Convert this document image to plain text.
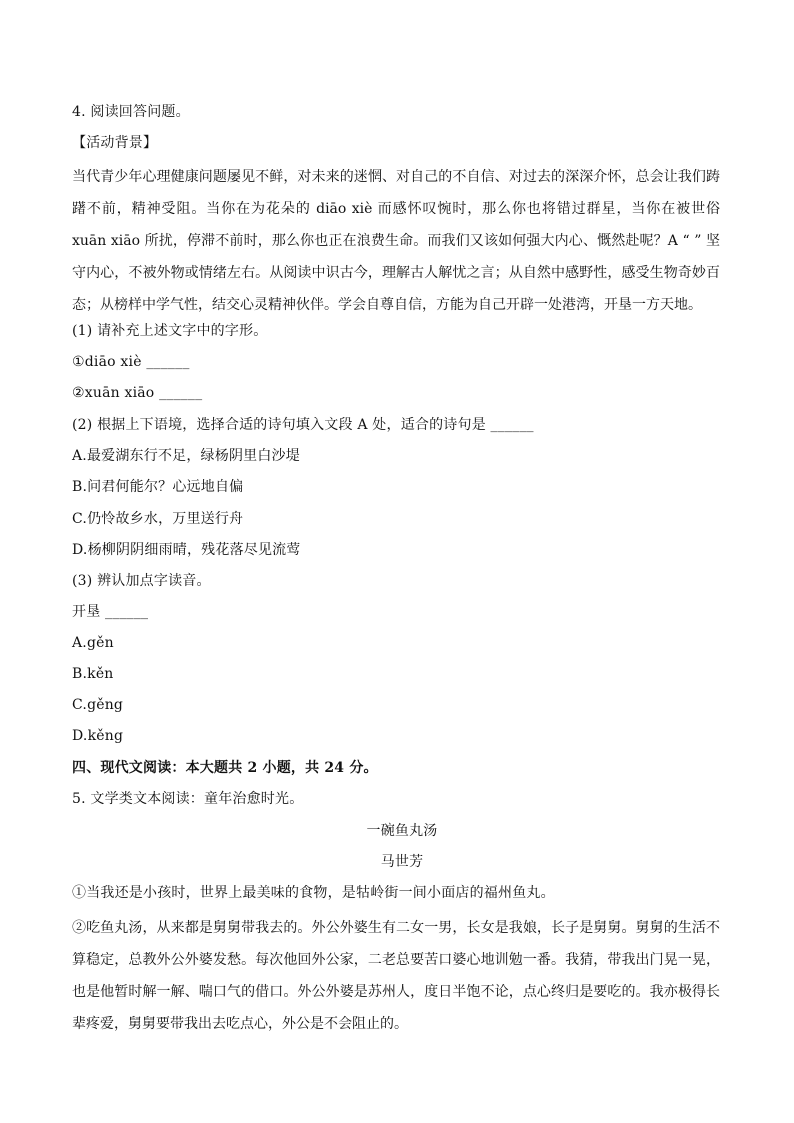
4. 阅读回答问题。
【活动背景】
当代青少年心理健康问题屡见不鲜，对未来的迷惘、对自己的不自信、对过去的深深介怀，总会让我们踌躇不前，精神受阻。当你在为花朵的 diāo xiè 而感怀叹惋时，那么你也将错过群星，当你在被世俗 xuān xiāo 所扰，停滞不前时，那么你也正在浪费生命。而我们又该如何强大内心、慨然赴呢？A “ ” 坚守内心，不被外物或情绪左右。从阅读中识古今，理解古人解忧之言；从自然中感野性，感受生物奇妙百态；从榜样中学气性，结交心灵精神伙伴。学会自尊自信，方能为自己开辟一处港湾，开垦一方天地。
(1) 请补充上述文字中的字形。
①diāo xiè ______
②xuān xiāo ______
(2) 根据上下语境，选择合适的诗句填入文段 A 处，适合的诗句是 ______
A.最爱湖东行不足，绿杨阴里白沙堤
B.问君何能尔？心远地自偏
C.仍怜故乡水，万里送行舟
D.杨柳阴阴细雨晴，残花落尽见流莺
(3) 辨认加点字读音。
开垦 ______
A.gěn
B.kěn
C.gěng
D.kěng
四、现代文阅读：本大题共 2 小题，共 24 分。
5. 文学类文本阅读：童年治愈时光。
一碗鱼丸汤
马世芳
①当我还是小孩时，世界上最美味的食物，是牯岭街一间小面店的福州鱼丸。
②吃鱼丸汤，从来都是舅舅带我去的。外公外婆生有二女一男，长女是我娘，长子是舅舅。舅舅的生活不算稳定，总教外公外婆发愁。每次他回外公家，二老总要苦口婆心地训勉一番。我猜，带我出门晃一晃，也是他暂时解一解、喘口气的借口。外公外婆是苏州人，度日半饱不论，点心终归是要吃的。我亦极得长辈疼爱，舅舅要带我出去吃点心，外公是不会阻止的。
